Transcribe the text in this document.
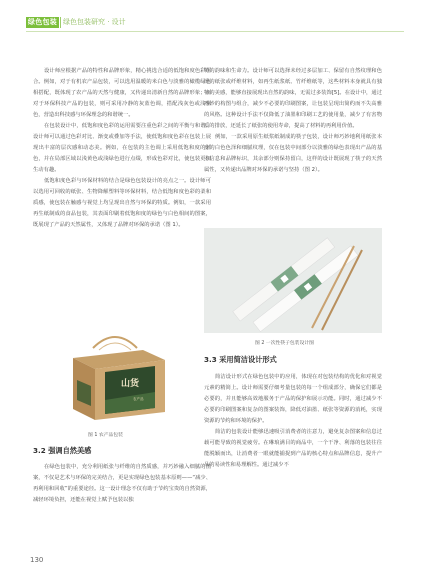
绿色包装 绿色包装研究 · 设计

设计师应根据产品的特性和品牌形象，精心挑选合适的低饱和度色彩组合。例如，对于有机农产品包装，可以选用温暖的米白色与淡雅的橄榄绿色相搭配，既体现了农产品的天然与健康，又传递出清新自然的品牌形象；而对于环保科技产品的包装，则可采用冷静的灰蓝色调，搭配浅灰色或浅紫色，营造出科技感与环保理念的和谐统一。

在包装设计中，低饱和度色彩的运用需要注重色彩之间的平衡与和谐。设计师可以通过色彩对比、渐变或叠加等手法，使低饱和度色彩在包装上展现出丰富的层次感和动态美。例如，在包装的主色调上采用低饱和度的蓝色，并在局部区域以浅黄色或浅绿色进行点缀，形成色彩对比，使包装更加生动有趣。

低饱和度色彩与环保材料的结合是绿色包装设计的亮点之一。设计师可以选用可回收的纸张、生物降解塑料等环保材料，结合低饱和度色彩的柔和质感，使包装在触感与视觉上均呈现出自然与环保的特质。例如，一款采用再生纸制成的食品包装，其表面印刷着低饱和度的绿色与白色相间的图案，既展现了产品的天然属性，又体现了品牌对环保的承诺（图 1）。

山货
农产品
图 1 农产品包装
3.2 强调自然美感

在绿色包装中，充分利用纸张与纤维的自然质感，并巧妙融入细腻的图案，不仅是艺术与环保的完美结合，更是实现绿色包装基本原则——“减少、再利用和回收”的重要途径。这一设计理念不仅有助于节约宝贵的自然资源，减轻环境负担，还能在视觉上赋予包装以独

特的韵味和生命力。设计师可以选择未经过多层加工、保留有自然纹理和色泽的纸张或纤维材料，如再生纸浆纸、竹纤维纸等，这些材料本身就具有独特的美感，能够直接展现出自然的韵味，无需过多装饰[5]。在设计中，通过巧妙的构图与组合，减少不必要的印刷图案，让包装呈现出简约而不失高雅的风格。这种设计手法不仅降低了油墨和印刷工艺的使用量，减少了有害物质的排放，还延长了纸张的使用寿命，提高了材料的再利用价值。

例如，一款采用原生纸浆纸制成的筷子包装，设计师巧妙地利用纸张本身的白色色泽和细腻纹理，仅在包装中间部分以淡雅的绿色表现出产品的基本信息和品牌标识，其余部分则保持留白，这样的设计既展现了筷子的天然属性，又传递出品牌对环保的承诺与坚持（图 2）。

图 2 一次性筷子包装设计图
3.3 采用简洁设计形式

简洁设计形式在绿色包装中的应用，体现在对包装结构的优化和对视觉元素的精简上。设计师需要仔细考量包装的每一个组成部分，确保它们都是必要的，并且能够高效地服务于产品的保护和展示功能。同时，通过减少不必要的印刷图案和复杂的图案装饰，降低对油墨、纸张等资源的消耗，实现资源的节约和环境的保护。

简洁的包装设计能够迅速吸引消费者的注意力，避免复杂图案和信息过载可能导致的视觉疲劳。在琳琅满目的商品中，一个干净、利落的包装往往能脱颖而出，让消费者一眼就能捕捉到产品的核心特点和品牌信息，提升产品的易读性和易理解性。通过减少不

130
